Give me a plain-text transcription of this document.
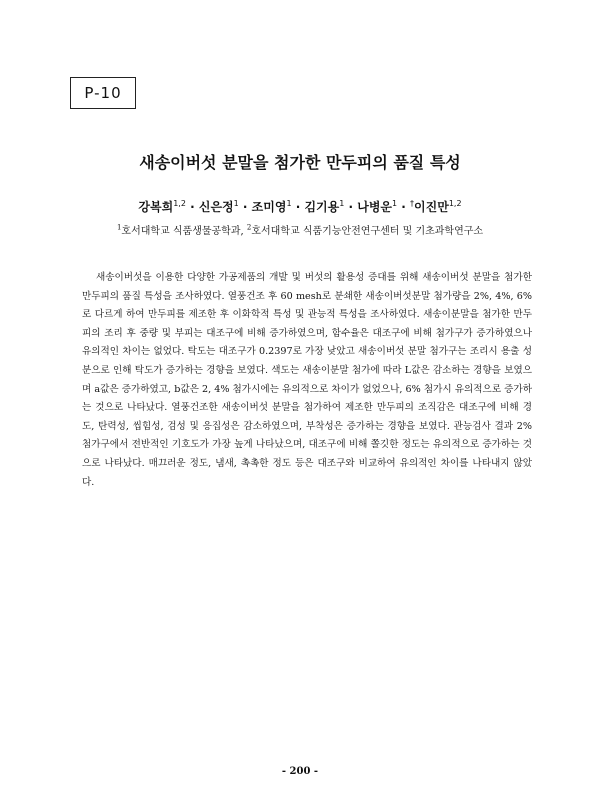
P-10
새송이버섯 분말을 첨가한 만두피의 품질 특성
강복희$^{1,2}$ · 신은정$^1$ · 조미영$^1$ · 김기용$^1$ · 나병운$^1$ · †이진만$^{1,2}$
$^1$호서대학교 식품생물공학과, $^2$호서대학교 식품기능안전연구센터 및 기초과학연구소

새송이버섯을 이용한 다양한 가공제품의 개발 및 버섯의 활용성 증대를 위해 새송이버섯 분말을 첨가한 만두피의 품질 특성을 조사하였다. 열풍건조 후 60 mesh로 분쇄한 새송이버섯분말 첨가량을 2%, 4%, 6%로 다르게 하여 만두피를 제조한 후 이화학적 특성 및 관능적 특성을 조사하였다. 새송이분말을 첨가한 만두피의 조리 후 중량 및 부피는 대조구에 비해 증가하였으며, 함수율은 대조구에 비해 첨가구가 증가하였으나 유의적인 차이는 없었다. 탁도는 대조구가 0.2397로 가장 낮았고 새송이버섯 분말 첨가구는 조리시 용출 성분으로 인해 탁도가 증가하는 경향을 보였다. 색도는 새송이분말 첨가에 따라 L값은 감소하는 경향을 보였으며 a값은 증가하였고, b값은 2, 4% 첨가시에는 유의적으로 차이가 없었으나, 6% 첨가시 유의적으로 증가하는 것으로 나타났다. 열풍건조한 새송이버섯 분말을 첨가하여 제조한 만두피의 조직감은 대조구에 비해 경도, 탄력성, 씹힘성, 검성 및 응집성은 감소하였으며, 부착성은 증가하는 경향을 보였다. 관능검사 결과 2% 첨가구에서 전반적인 기호도가 가장 높게 나타났으며, 대조구에 비해 쫄깃한 정도는 유의적으로 증가하는 것으로 나타났다. 매끄러운 정도, 냄새, 촉촉한 정도 등은 대조구와 비교하여 유의적인 차이를 나타내지 않았다.

- 200 -
